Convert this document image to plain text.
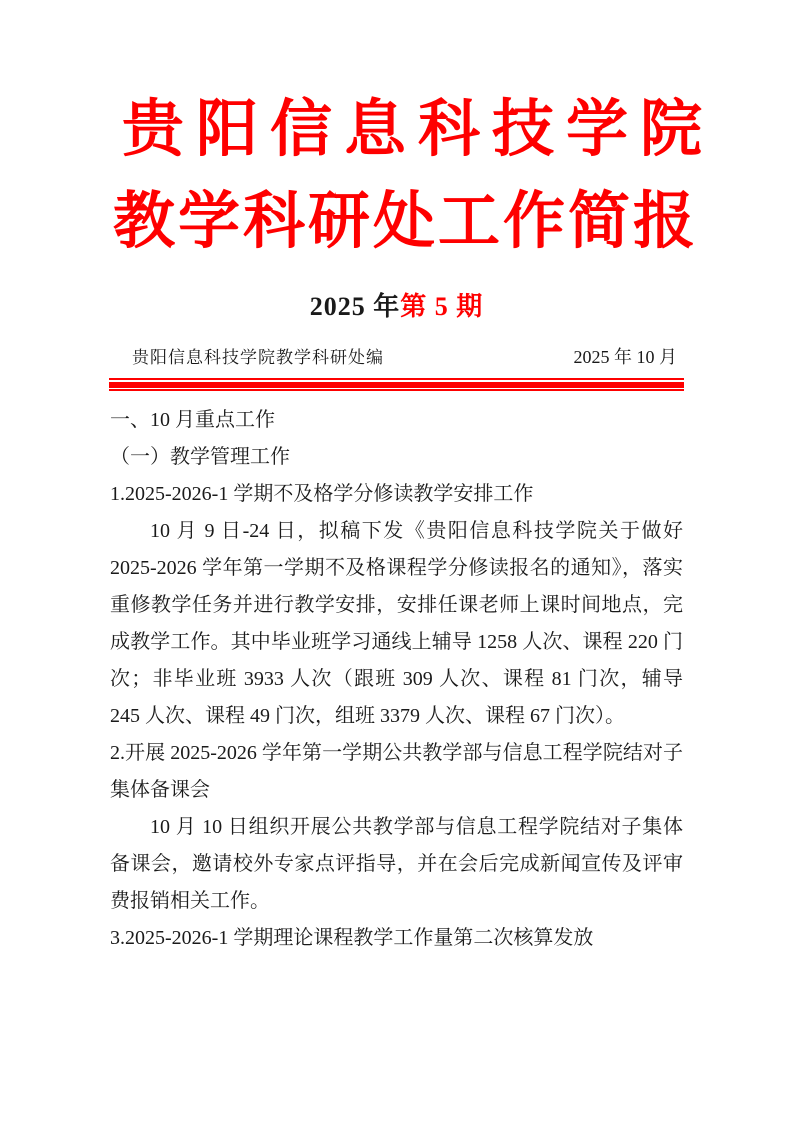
贵阳信息科技学院
教学科研处工作简报
2025 年第 5 期
贵阳信息科技学院教学科研处编	2025 年 10 月

一、10 月重点工作

（一）教学管理工作

1.2025-2026-1 学期不及格学分修读教学安排工作

10 月 9 日-24 日，拟稿下发《贵阳信息科技学院关于做好 2025-2026 学年第一学期不及格课程学分修读报名的通知》，落实重修教学任务并进行教学安排，安排任课老师上课时间地点，完成教学工作。其中毕业班学习通线上辅导 1258 人次、课程 220 门次；非毕业班 3933 人次（跟班 309 人次、课程 81 门次，辅导 245 人次、课程 49 门次，组班 3379 人次、课程 67 门次）。

2.开展 2025-2026 学年第一学期公共教学部与信息工程学院结对子集体备课会

10 月 10 日组织开展公共教学部与信息工程学院结对子集体备课会，邀请校外专家点评指导，并在会后完成新闻宣传及评审费报销相关工作。

3.2025-2026-1 学期理论课程教学工作量第二次核算发放
